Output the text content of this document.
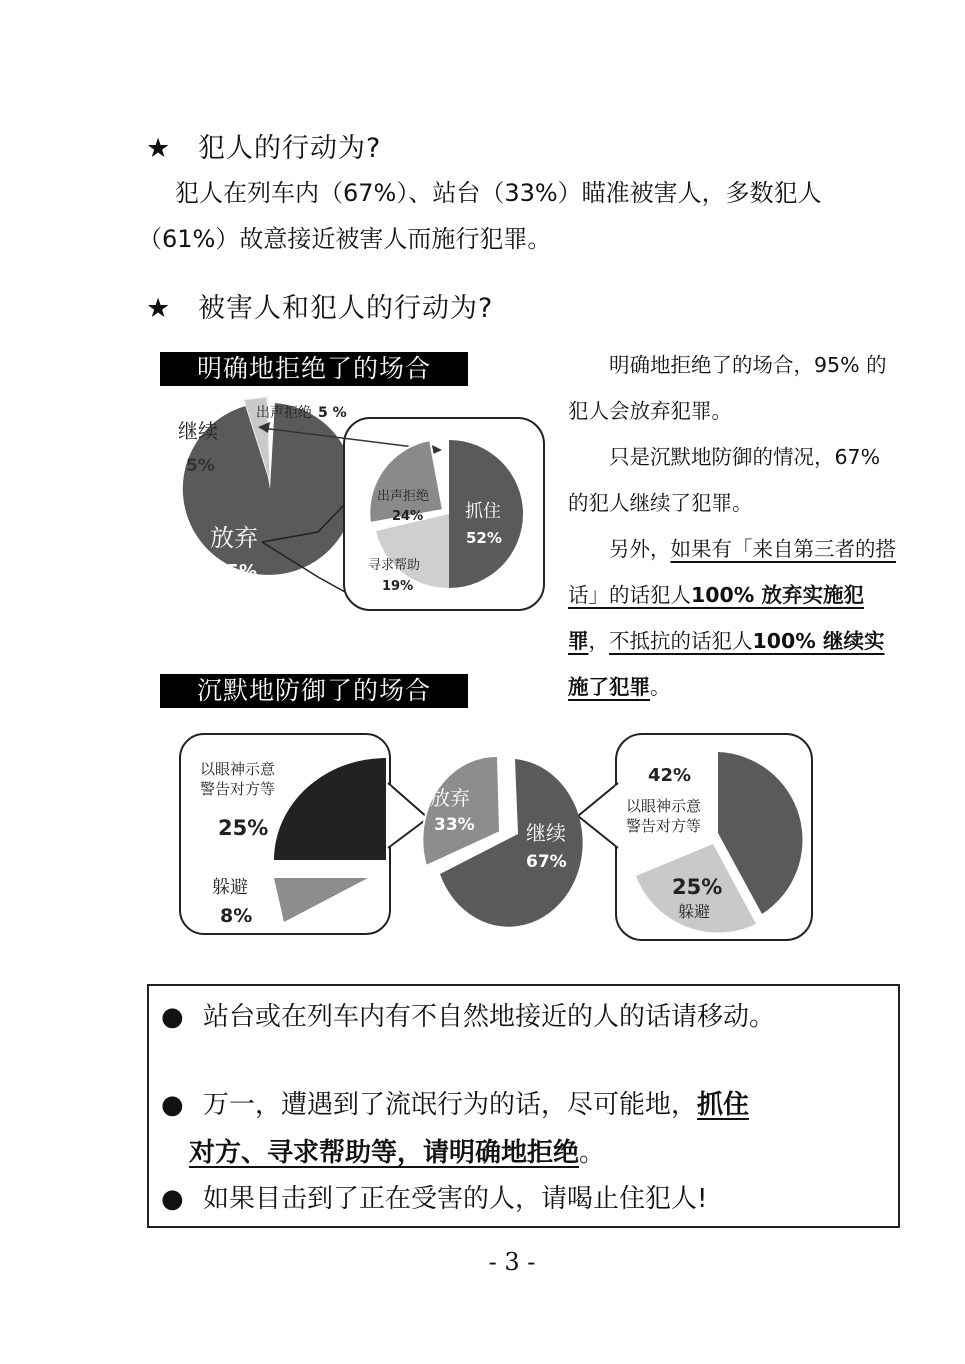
★ 犯人的行动为?
犯人在列车内（67%）、站台（33%）瞄准被害人，多数犯人
（61%）故意接近被害人而施行犯罪。
★ 被害人和犯人的行动为?
明确地拒绝了的场合
出声拒绝 5 %
继续
5%
放弃
95%
出声拒绝
24% 抓住
52%
寻求帮助
19%

明确地拒绝了的场合，95% 的犯人会放弃犯罪。

只是沉默地防御的情况，67% 的犯人继续了犯罪。

另外，如果有「来自第三者的搭话」的话犯人100% 放弃实施犯罪，不抵抗的话犯人100% 继续实施了犯罪。

沉默地防御了的场合
以眼神示意
警告对方等
25%
躲避
8%
放弃
33%	继续
67%
42%
以眼神示意
警告对方等
25%
躲避
● 站台或在列车内有不自然地接近的人的话请移动。
● 万一，遭遇到了流氓行为的话，尽可能地，抓住
对方、寻求帮助等，请明确地拒绝。
● 如果目击到了正在受害的人，请喝止住犯人!
- 3 -
